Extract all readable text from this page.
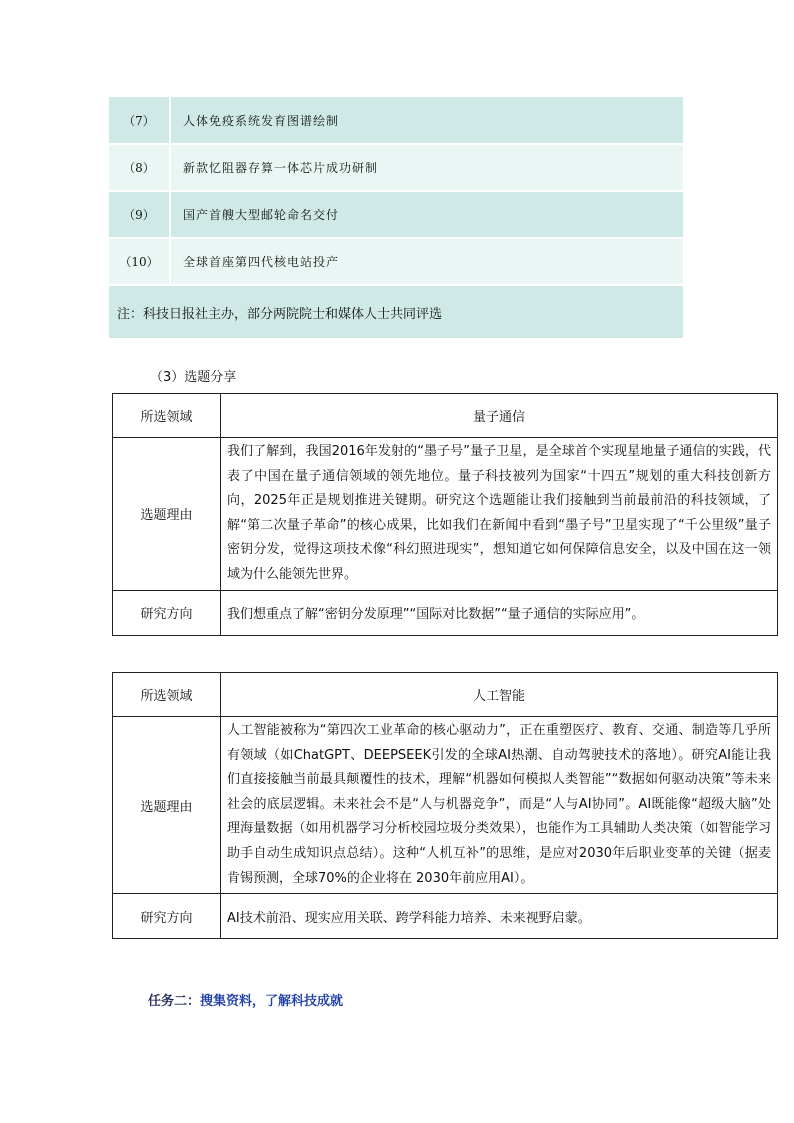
（7）	人体免疫系统发育图谱绘制
（8）	新款忆阻器存算一体芯片成功研制
（9）	国产首艘大型邮轮命名交付
（10）	全球首座第四代核电站投产
注：科技日报社主办，部分两院院士和媒体人士共同评选	
（3）选题分享
所选领域	量子通信
选题理由	我们了解到，我国2016年发射的“墨子号”量子卫星，是全球首个实现星地量子通信的实践，代表了中国在量子通信领域的领先地位。量子科技被列为国家“十四五”规划的重大科技创新方向，2025年正是规划推进关键期。研究这个选题能让我们接触到当前最前沿的科技领域，了解“第二次量子革命”的核心成果，比如我们在新闻中看到“墨子号”卫星实现了“千公里级”量子密钥分发，觉得这项技术像“科幻照进现实”，想知道它如何保障信息安全，以及中国在这一领域为什么能领先世界。
研究方向	我们想重点了解“密钥分发原理”“国际对比数据”“量子通信的实际应用”。
所选领域	人工智能
选题理由	人工智能被称为“第四次工业革命的核心驱动力”，正在重塑医疗、教育、交通、制造等几乎所有领域（如ChatGPT、DEEPSEEK引发的全球AI热潮、自动驾驶技术的落地）。研究AI能让我们直接接触当前最具颠覆性的技术，理解“机器如何模拟人类智能”“数据如何驱动决策”等未来社会的底层逻辑。未来社会不是“人与机器竞争”，而是“人与AI协同”。AI既能像“超级大脑”处理海量数据（如用机器学习分析校园垃圾分类效果），也能作为工具辅助人类决策（如智能学习助手自动生成知识点总结）。这种“人机互补”的思维，是应对2030年后职业变革的关键（据麦肯锡预测，全球70%的企业将在 2030年前应用AI）。
研究方向	AI技术前沿、现实应用关联、跨学科能力培养、未来视野启蒙。
任务二：搜集资料，了解科技成就
